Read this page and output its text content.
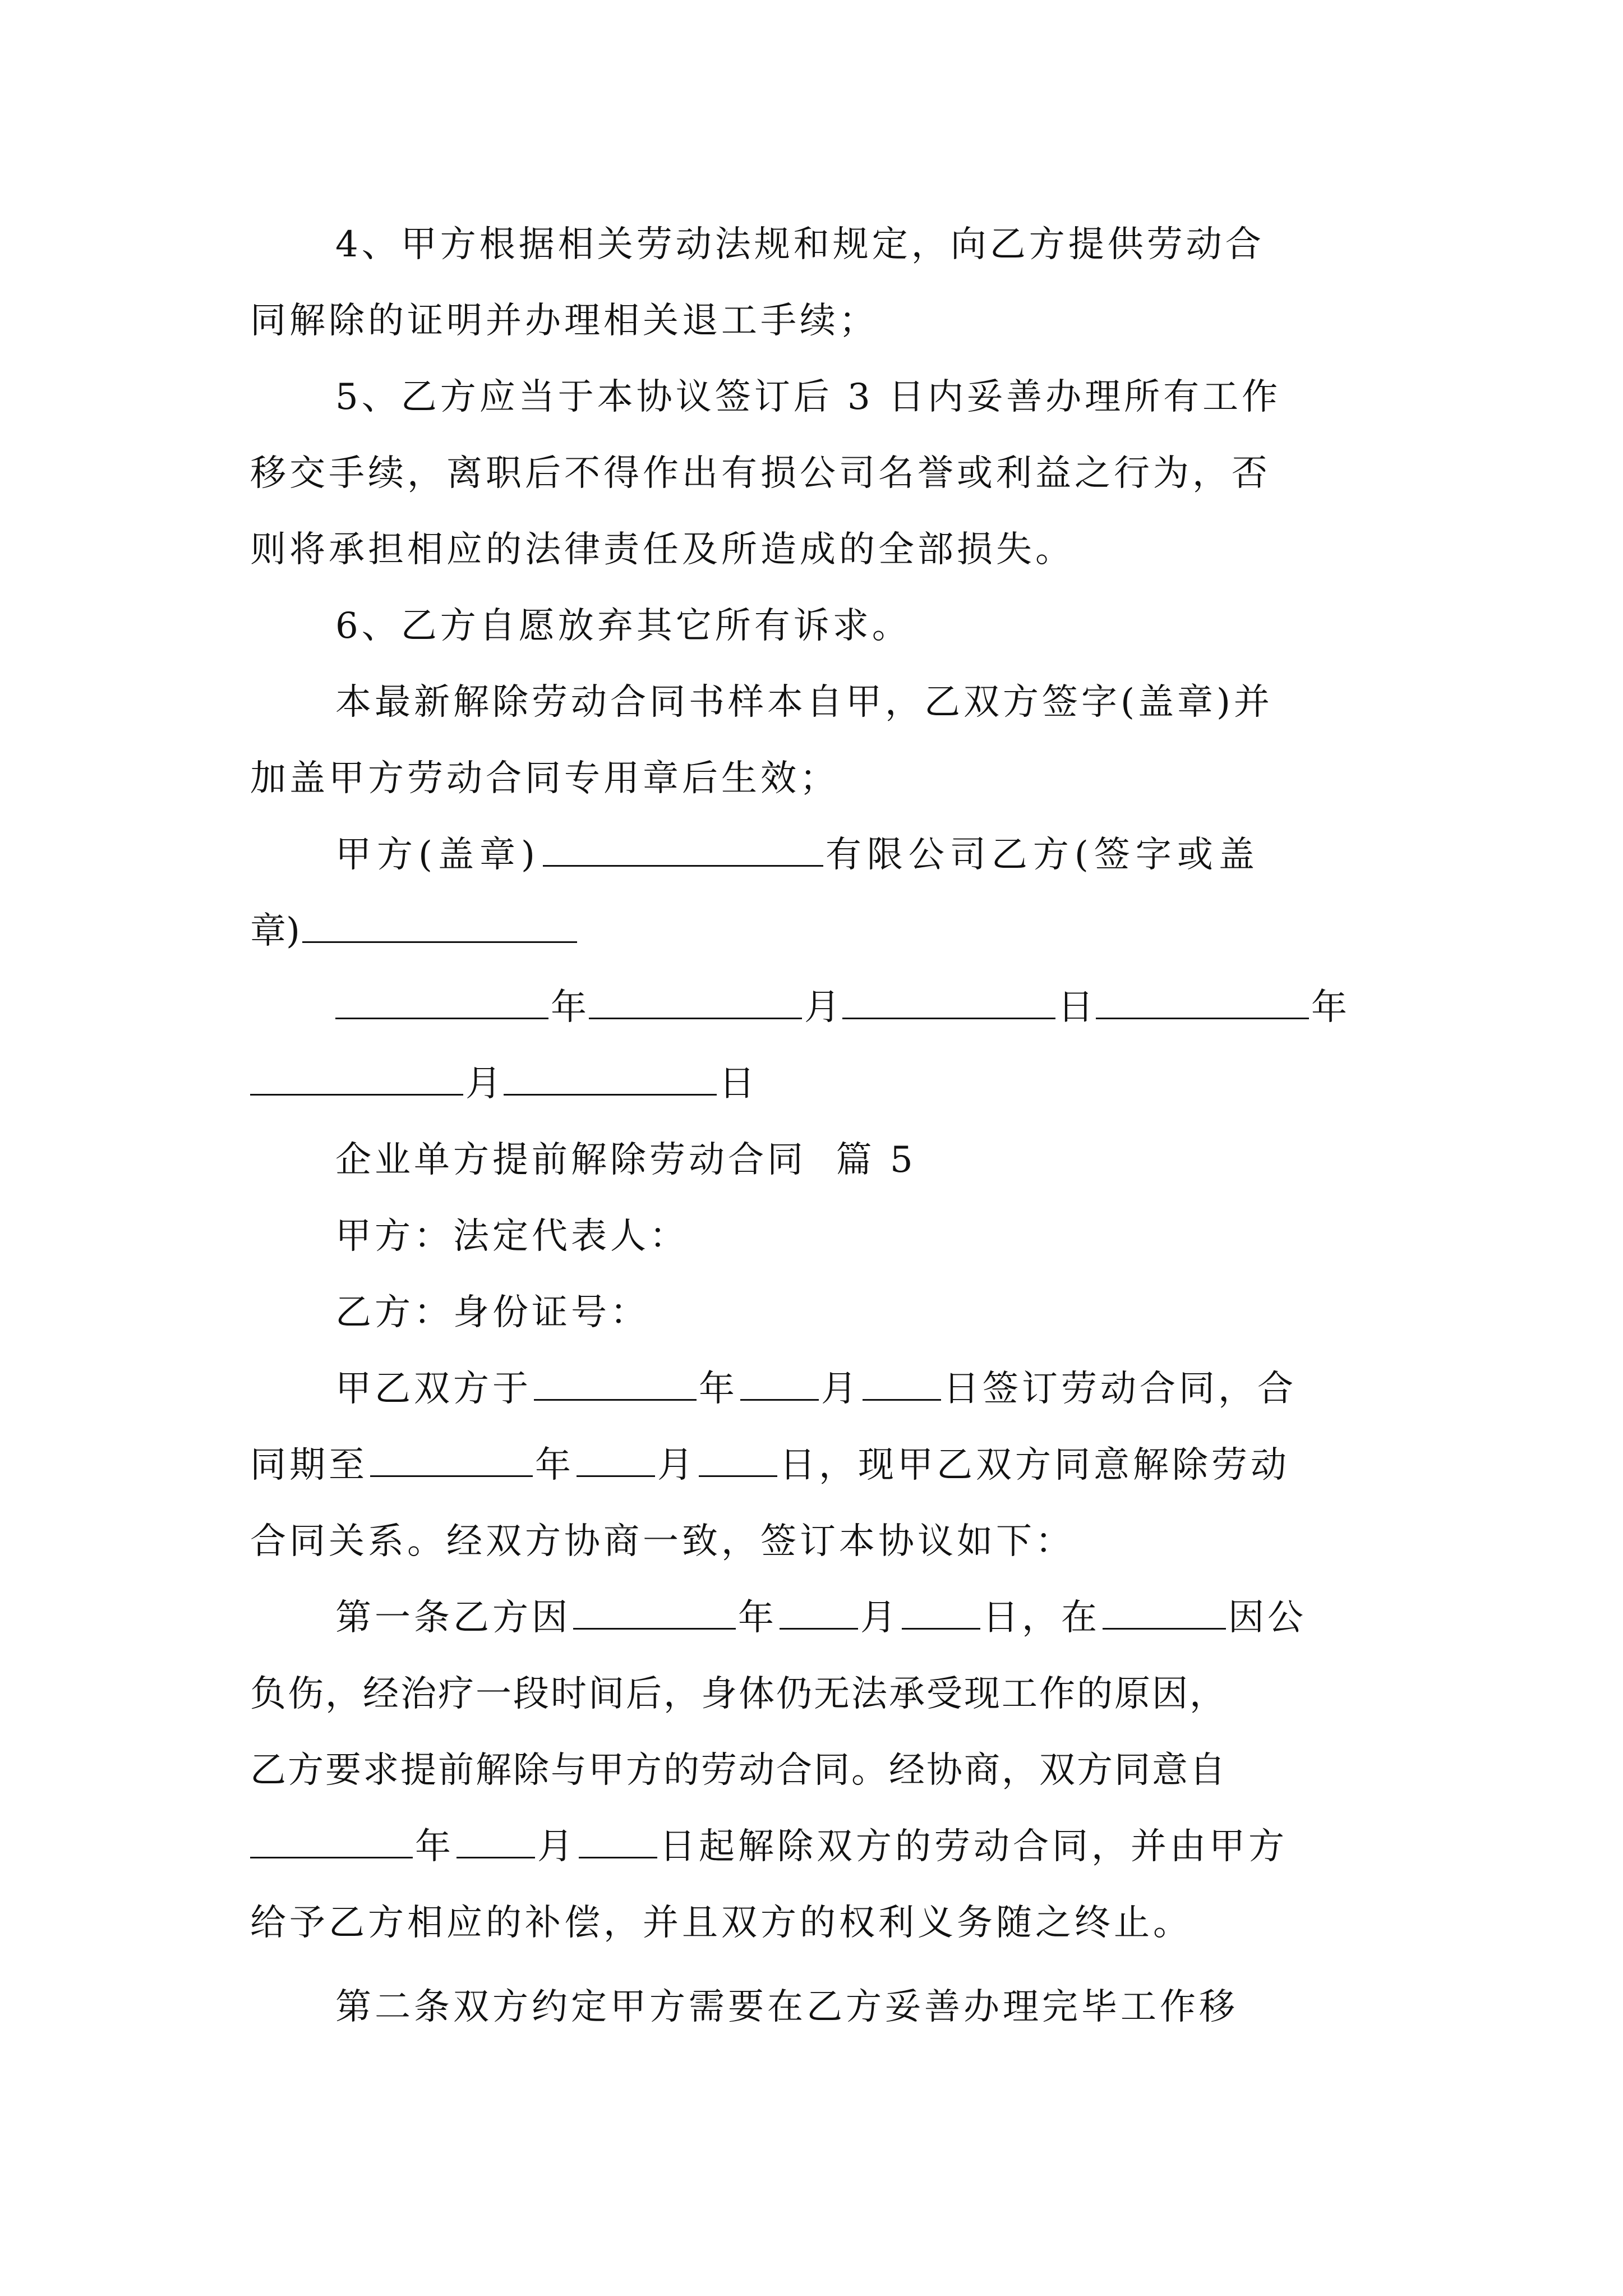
4、甲方根据相关劳动法规和规定，向乙方提供劳动合
同解除的证明并办理相关退工手续；
5、乙方应当于本协议签订后 3 日内妥善办理所有工作
移交手续，离职后不得作出有损公司名誉或利益之行为，否
则将承担相应的法律责任及所造成的全部损失。
6、乙方自愿放弃其它所有诉求。
本最新解除劳动合同书样本自甲，乙双方签字(盖章)并
加盖甲方劳动合同专用章后生效；
甲方(盖章)	有限公司乙方(签字或盖
章)
年	月	日	年
月	日
企业单方提前解除劳动合同  篇 5
甲方：法定代表人：
乙方：身份证号：
甲乙双方于	年 月 日签订劳动合同，合
同期至	年 月 日，现甲乙双方同意解除劳动
合同关系。经双方协商一致，签订本协议如下：
第一条乙方因	年 月 日，在	因公
负伤，经治疗一段时间后，身体仍无法承受现工作的原因，
乙方要求提前解除与甲方的劳动合同。经协商，双方同意自
年 月 日起解除双方的劳动合同，并由甲方
给予乙方相应的补偿，并且双方的权利义务随之终止。
第二条双方约定甲方需要在乙方妥善办理完毕工作移
